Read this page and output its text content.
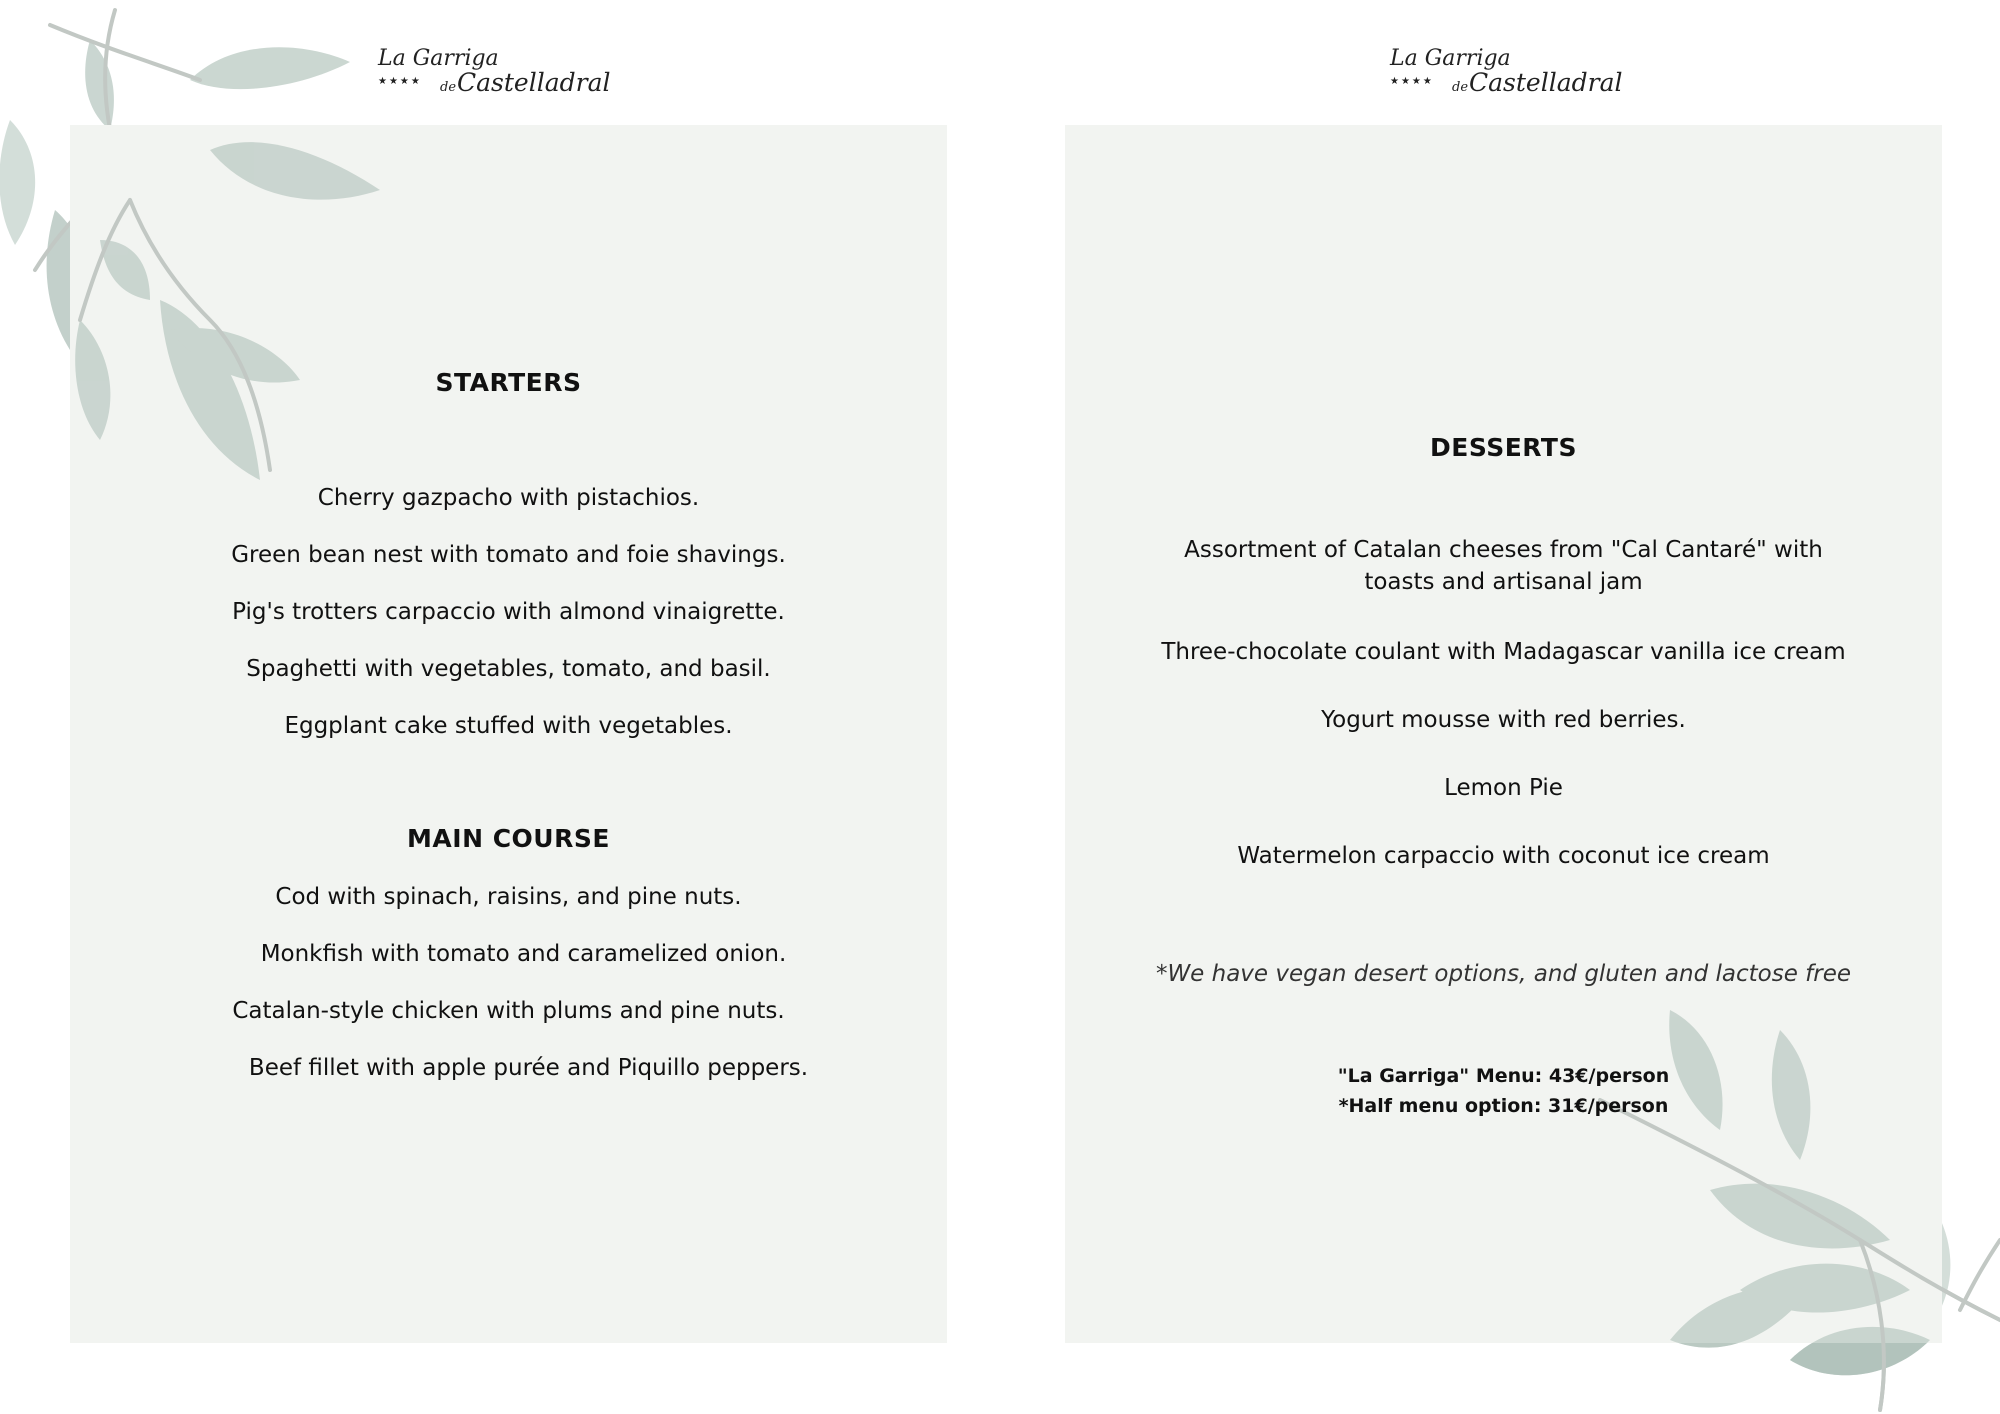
La Garriga
★★★★ deCastelladral
La Garriga
★★★★ deCastelladral
STARTERS

Cherry gazpacho with pistachios.

Green bean nest with tomato and foie shavings.

Pig's trotters carpaccio with almond vinaigrette.

Spaghetti with vegetables, tomato, and basil.

Eggplant cake stuffed with vegetables.

MAIN COURSE

Cod with spinach, raisins, and pine nuts.

Monkfish with tomato and caramelized onion.

Catalan-style chicken with plums and pine nuts.

Beef fillet with apple purée and Piquillo peppers.

DESSERTS

Assortment of Catalan cheeses from "Cal Cantaré" with toasts and artisanal jam

Three-chocolate coulant with Madagascar vanilla ice cream

Yogurt mousse with red berries.

Lemon Pie

Watermelon carpaccio with coconut ice cream

*We have vegan desert options, and gluten and lactose free

"La Garriga" Menu: 43€/person

*Half menu option: 31€/person
